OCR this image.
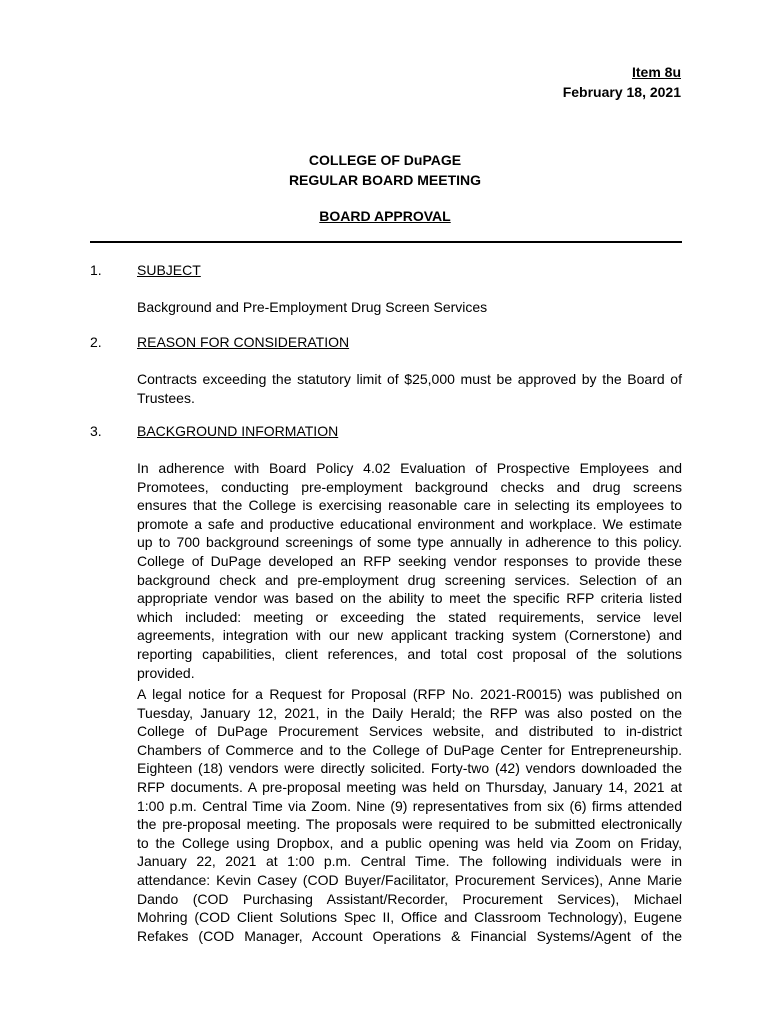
Item 8u
February 18, 2021
COLLEGE OF DuPAGE
REGULAR BOARD MEETING
BOARD APPROVAL
1.	SUBJECT
Background and Pre-Employment Drug Screen Services
2.	REASON FOR CONSIDERATION
Contracts exceeding the statutory limit of $25,000 must be approved by the Board of
Trustees.
3.	BACKGROUND INFORMATION
In adherence with Board Policy 4.02 Evaluation of Prospective Employees and
Promotees, conducting pre-employment background checks and drug screens
ensures that the College is exercising reasonable care in selecting its employees to
promote a safe and productive educational environment and workplace. We estimate
up to 700 background screenings of some type annually in adherence to this policy.
College of DuPage developed an RFP seeking vendor responses to provide these
background check and pre-employment drug screening services. Selection of an
appropriate vendor was based on the ability to meet the specific RFP criteria listed
which included: meeting or exceeding the stated requirements, service level
agreements, integration with our new applicant tracking system (Cornerstone) and
reporting capabilities, client references, and total cost proposal of the solutions
provided.
A legal notice for a Request for Proposal (RFP No. 2021-R0015) was published on
Tuesday, January 12, 2021, in the Daily Herald; the RFP was also posted on the
College of DuPage Procurement Services website, and distributed to in-district
Chambers of Commerce and to the College of DuPage Center for Entrepreneurship.
Eighteen (18) vendors were directly solicited. Forty-two (42) vendors downloaded the
RFP documents. A pre-proposal meeting was held on Thursday, January 14, 2021 at
1:00 p.m. Central Time via Zoom. Nine (9) representatives from six (6) firms attended
the pre-proposal meeting. The proposals were required to be submitted electronically
to the College using Dropbox, and a public opening was held via Zoom on Friday,
January 22, 2021 at 1:00 p.m. Central Time. The following individuals were in
attendance: Kevin Casey (COD Buyer/Facilitator, Procurement Services), Anne Marie
Dando (COD Purchasing Assistant/Recorder, Procurement Services), Michael
Mohring (COD Client Solutions Spec II, Office and Classroom Technology), Eugene
Refakes (COD Manager, Account Operations & Financial Systems/Agent of the
